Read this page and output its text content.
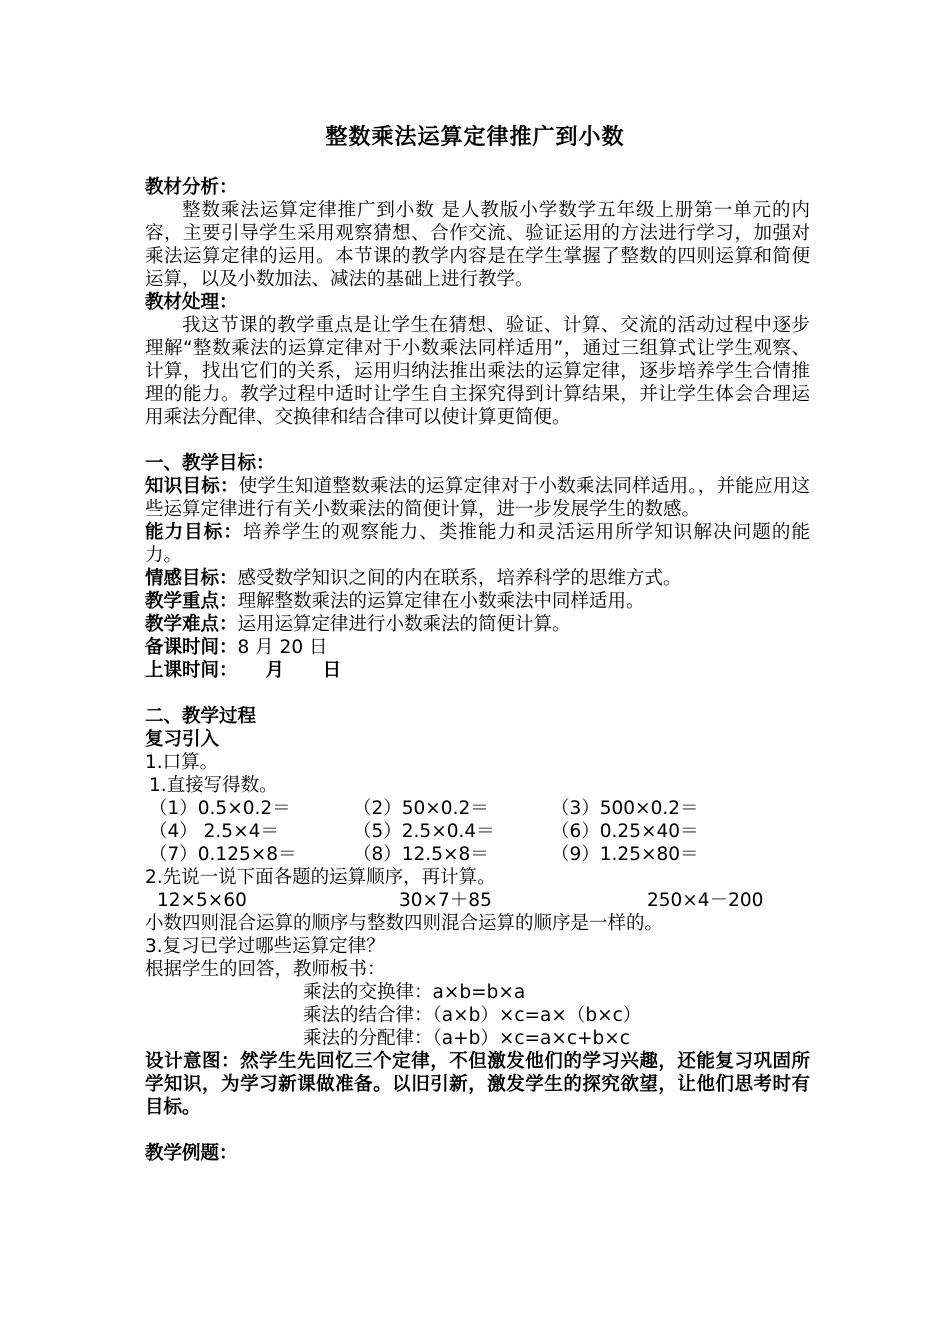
整数乘法运算定律推广到小数
教材分析：
整数乘法运算定律推广到小数 是人教版小学数学五年级上册第一单元的内容，主要引导学生采用观察猜想、合作交流、验证运用的方法进行学习，加强对乘法运算定律的运用。本节课的教学内容是在学生掌握了整数的四则运算和简便运算，以及小数加法、减法的基础上进行教学。
教材处理：
我这节课的教学重点是让学生在猜想、验证、计算、交流的活动过程中逐步理解“整数乘法的运算定律对于小数乘法同样适用”，通过三组算式让学生观察、计算，找出它们的关系，运用归纳法推出乘法的运算定律，逐步培养学生合情推理的能力。教学过程中适时让学生自主探究得到计算结果，并让学生体会合理运用乘法分配律、交换律和结合律可以使计算更简便。
一、教学目标：
知识目标：使学生知道整数乘法的运算定律对于小数乘法同样适用。，并能应用这些运算定律进行有关小数乘法的简便计算，进一步发展学生的数感。
能力目标：培养学生的观察能力、类推能力和灵活运用所学知识解决问题的能力。
情感目标：感受数学知识之间的内在联系，培养科学的思维方式。
教学重点：理解整数乘法的运算定律在小数乘法中同样适用。
教学难点：运用运算定律进行小数乘法的简便计算。
备课时间：8 月 20 日
上课时间： 月      日
二、教学过程
复习引入
1.口算。
1.直接写得数。
（1）0.5×0.2＝	（2）50×0.2＝	（3）500×0.2＝
（4） 2.5×4＝	（5）2.5×0.4＝	（6）0.25×40＝
（7）0.125×8＝	（8）12.5×8＝	（9）1.25×80＝
2.先说一说下面各题的运算顺序，再计算。
12×5×60	30×7＋85	250×4－200
小数四则混合运算的顺序与整数四则混合运算的顺序是一样的。
3.复习已学过哪些运算定律？
根据学生的回答，教师板书：
乘法的交换律：a×b=b×a
乘法的结合律：（a×b）×c=a×（b×c）
乘法的分配律：（a+b）×c=a×c+b×c
设计意图：然学生先回忆三个定律，不但激发他们的学习兴趣，还能复习巩固所学知识，为学习新课做准备。以旧引新，激发学生的探究欲望，让他们思考时有目标。
教学例题：
